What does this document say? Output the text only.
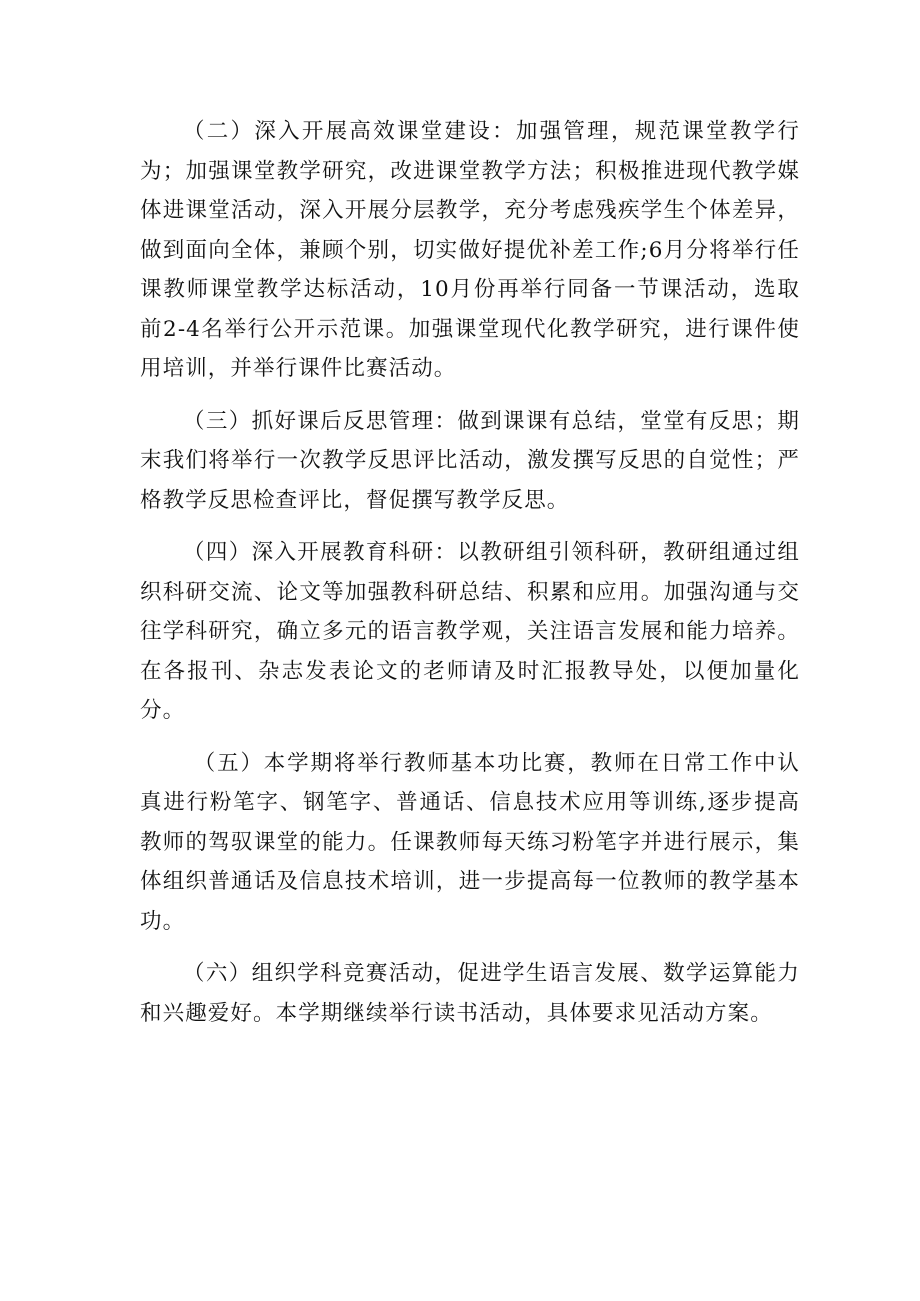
（二）深入开展高效课堂建设：加强管理，规范课堂教学行为；加强课堂教学研究，改进课堂教学方法；积极推进现代教学媒体进课堂活动，深入开展分层教学，充分考虑残疾学生个体差异，做到面向全体，兼顾个别，切实做好提优补差工作;6月分将举行任课教师课堂教学达标活动，10月份再举行同备一节课活动，选取前2-4名举行公开示范课。加强课堂现代化教学研究，进行课件使用培训，并举行课件比赛活动。

（三）抓好课后反思管理：做到课课有总结，堂堂有反思；期末我们将举行一次教学反思评比活动，激发撰写反思的自觉性；严格教学反思检查评比，督促撰写教学反思。

（四）深入开展教育科研：以教研组引领科研，教研组通过组织科研交流、论文等加强教科研总结、积累和应用。加强沟通与交往学科研究，确立多元的语言教学观，关注语言发展和能力培养。在各报刊、杂志发表论文的老师请及时汇报教导处，以便加量化分。

（五）本学期将举行教师基本功比赛，教师在日常工作中认真进行粉笔字、钢笔字、普通话、信息技术应用等训练,逐步提高教师的驾驭课堂的能力。任课教师每天练习粉笔字并进行展示，集体组织普通话及信息技术培训，进一步提高每一位教师的教学基本功。

（六）组织学科竞赛活动，促进学生语言发展、数学运算能力和兴趣爱好。本学期继续举行读书活动，具体要求见活动方案。
